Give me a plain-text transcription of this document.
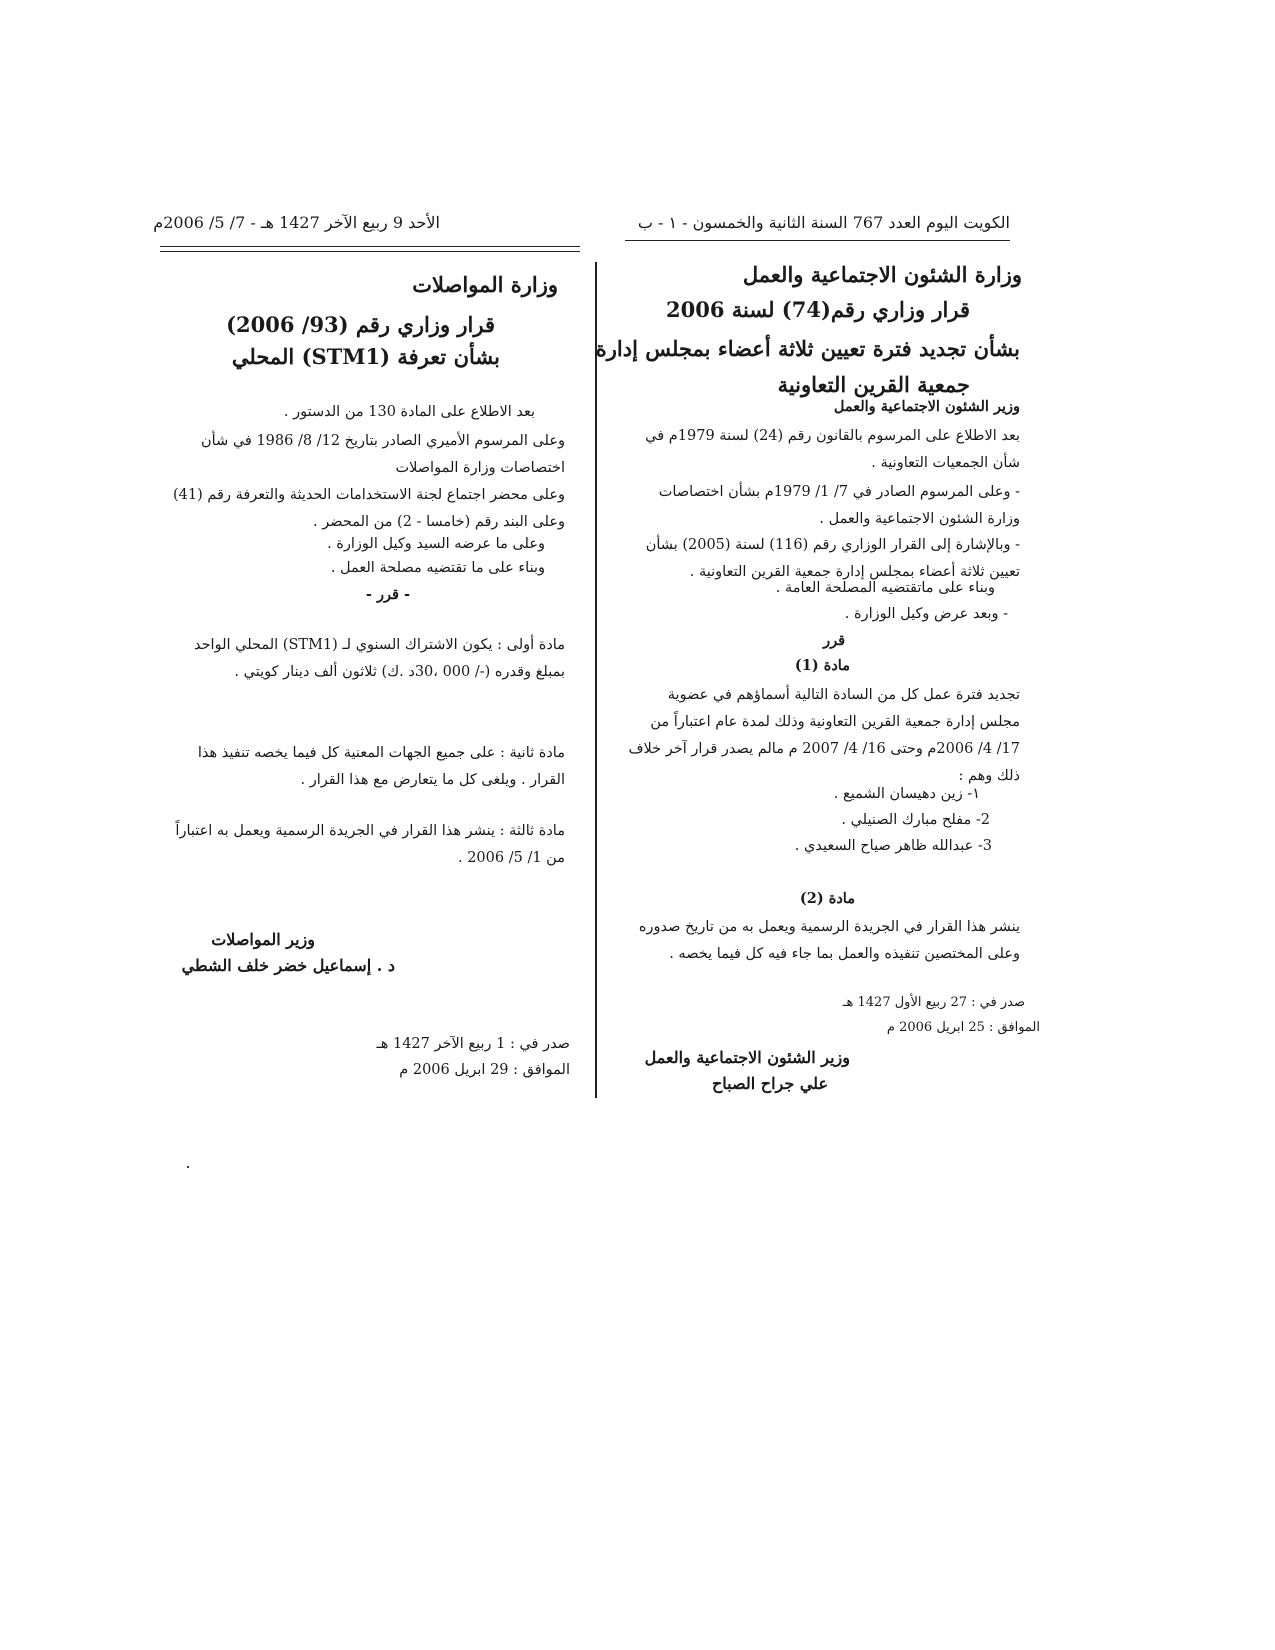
الكويت اليوم العدد 767 السنة الثانية والخمسون - ١ - ب
الأحد 9 ربيع الآخر 1427 هـ - 7/ 5/ 2006م
وزارة الشئون الاجتماعية والعمل
قرار وزاري رقم(74) لسنة 2006
بشأن تجديد فترة تعيين ثلاثة أعضاء بمجلس إدارة
جمعية القرين التعاونية
وزير الشئون الاجتماعية والعمل
بعد الاطلاع على المرسوم بالقانون رقم (24) لسنة 1979م في شأن الجمعيات التعاونية .
- وعلى المرسوم الصادر في 7/ 1/ 1979م بشأن اختصاصات وزارة الشئون الاجتماعية والعمل .
- وبالإشارة إلى القرار الوزاري رقم (116) لسنة (2005) بشأن تعيين ثلاثة أعضاء بمجلس إدارة جمعية القرين التعاونية .
وبناء على ماتقتضيه المصلحة العامة .
- وبعد عرض وكيل الوزارة .
قرر
مادة (1)
تجديد فترة عمل كل من السادة التالية أسماؤهم في عضوية مجلس إدارة جمعية القرين التعاونية وذلك لمدة عام اعتباراً من 17/ 4/ 2006م وحتى 16/ 4/ 2007 م مالم يصدر قرار آخر خلاف ذلك وهم :
١- زين دهيسان الشميع .
2- مفلح مبارك الصنيلي .
3- عبدالله ظاهر صياح السعيدي .
مادة (2)
ينشر هذا القرار في الجريدة الرسمية ويعمل به من تاريخ صدوره وعلى المختصين تنفيذه والعمل بما جاء فيه كل فيما يخصه .
صدر في : 27 ربيع الأول 1427 هـ
الموافق : 25 ابريل 2006 م
وزير الشئون الاجتماعية والعمل
علي جراح الصباح
وزارة المواصلات
قرار وزاري رقم (93/ 2006)
بشأن تعرفة (STM1) المحلي
بعد الاطلاع على المادة 130 من الدستور .
وعلى المرسوم الأميري الصادر بتاريخ 12/ 8/ 1986 في شأن اختصاصات وزارة المواصلات
وعلى محضر اجتماع لجنة الاستخدامات الحديثة والتعرفة رقم (41) وعلى البند رقم (خامسا - 2) من المحضر .
وعلى ما عرضه السيد وكيل الوزارة .
وبناء على ما تقتضيه مصلحة العمل .
- قرر -
مادة أولى : يكون الاشتراك السنوي لـ (STM1) المحلي الواحد بمبلغ وقدره (-/ 000 ،30د .ك) ثلاثون ألف دينار كويتي .
مادة ثانية : على جميع الجهات المعنية كل فيما يخصه تنفيذ هذا القرار . ويلغى كل ما يتعارض مع هذا القرار .
مادة ثالثة : ينشر هذا القرار في الجريدة الرسمية ويعمل به اعتباراً من 1/ 5/ 2006 .
وزير المواصلات
د . إسماعيل خضر خلف الشطي
صدر في : 1 ربيع الآخر 1427 هـ
الموافق : 29 ابريل 2006 م
